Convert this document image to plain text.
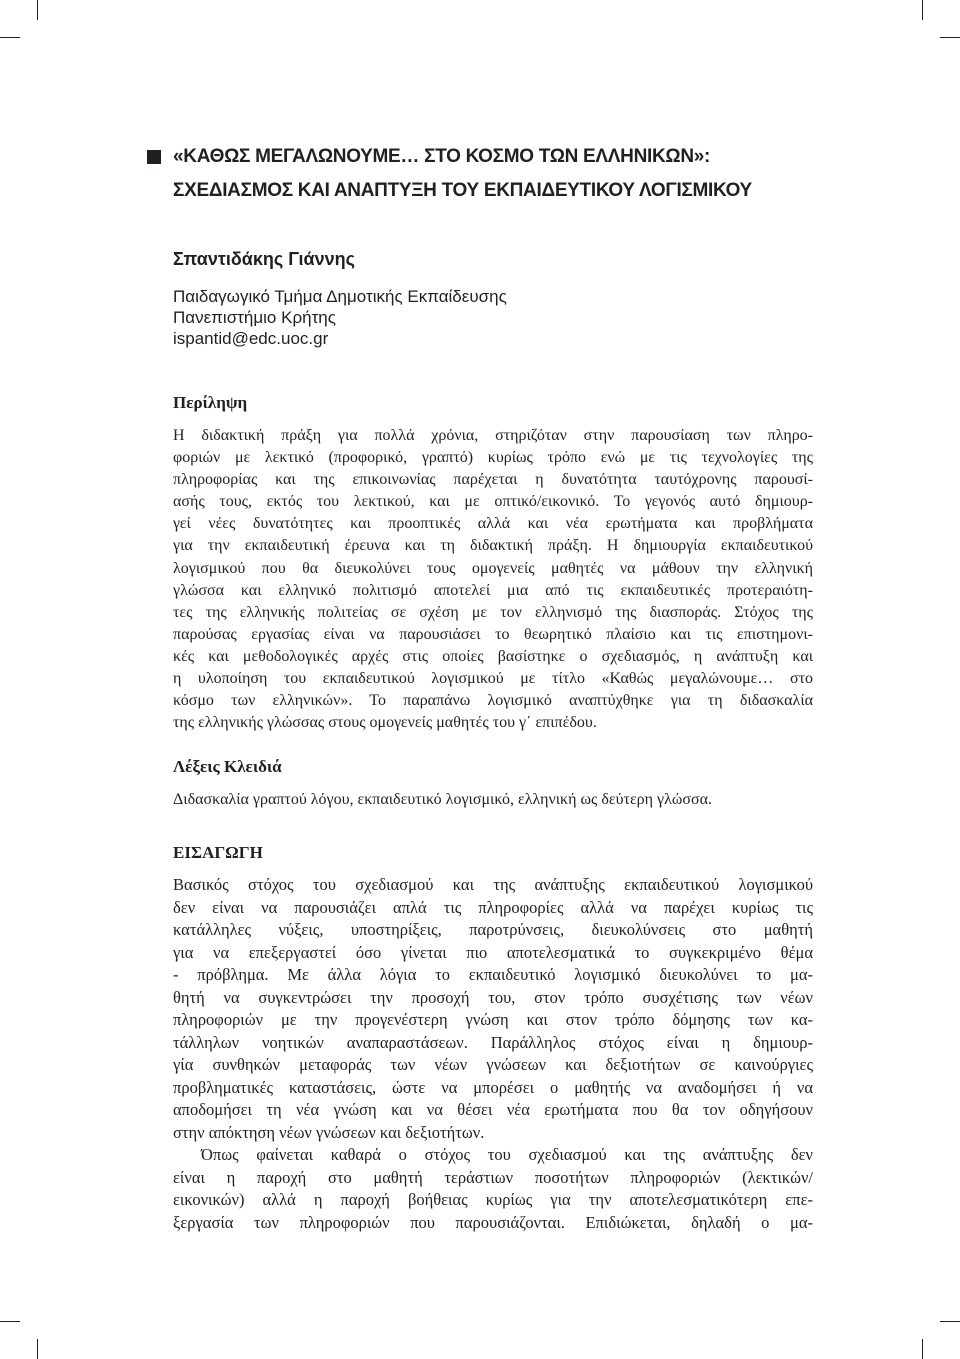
«ΚΑΘΩΣ ΜΕΓΑΛΩΝΟΥΜΕ… ΣΤΟ ΚΟΣΜΟ ΤΩΝ ΕΛΛΗΝΙΚΩΝ»:
ΣΧΕΔΙΑΣΜΟΣ ΚΑΙ ΑΝΑΠΤΥΞΗ ΤΟΥ ΕΚΠΑΙΔΕΥΤΙΚΟΥ ΛΟΓΙΣΜΙΚΟΥ
Σπαντιδάκης Γιάννης
Παιδαγωγικό Τμήμα Δημοτικής Εκπαίδευσης
Πανεπιστήμιο Κρήτης
ispantid@edc.uoc.gr
Περίληψη

Η διδακτική πράξη για πολλά χρόνια, στηριζόταν στην παρουσίαση των πληρο-

φοριών με λεκτικό (προφορικό, γραπτό) κυρίως τρόπο ενώ με τις τεχνολογίες της

πληροφορίας και της επικοινωνίας παρέχεται η δυνατότητα ταυτόχρονης παρουσί-

ασής τους, εκτός του λεκτικού, και με οπτικό/εικονικό. Το γεγονός αυτό δημιουρ-

γεί νέες δυνατότητες και προοπτικές αλλά και νέα ερωτήματα και προβλήματα

για την εκπαιδευτική έρευνα και τη διδακτική πράξη. Η δημιουργία εκπαιδευτικού

λογισμικού που θα διευκολύνει τους ομογενείς μαθητές να μάθουν την ελληνική

γλώσσα και ελληνικό πολιτισμό αποτελεί μια από τις εκπαιδευτικές προτεραιότη-

τες της ελληνικής πολιτείας σε σχέση με τον ελληνισμό της διασποράς. Στόχος της

παρούσας εργασίας είναι να παρουσιάσει το θεωρητικό πλαίσιο και τις επιστημονι-

κές και μεθοδολογικές αρχές στις οποίες βασίστηκε ο σχεδιασμός, η ανάπτυξη και

η υλοποίηση του εκπαιδευτικού λογισμικού με τίτλο «Καθώς μεγαλώνουμε… στο

κόσμο των ελληνικών». Το παραπάνω λογισμικό αναπτύχθηκε για τη διδασκαλία

της ελληνικής γλώσσας στους ομογενείς μαθητές του γ΄ επιπέδου.

Λέξεις Κλειδιά

Διδασκαλία γραπτού λόγου, εκπαιδευτικό λογισμικό, ελληνική ως δεύτερη γλώσσα.

ΕΙΣΑΓΩΓΗ

Βασικός στόχος του σχεδιασμού και της ανάπτυξης εκπαιδευτικού λογισμικού

δεν είναι να παρουσιάζει απλά τις πληροφορίες αλλά να παρέχει κυρίως τις

κατάλληλες νύξεις, υποστηρίξεις, παροτρύνσεις, διευκολύνσεις στο μαθητή

για να επεξεργαστεί όσο γίνεται πιο αποτελεσματικά το συγκεκριμένο θέμα

- πρόβλημα. Με άλλα λόγια το εκπαιδευτικό λογισμικό διευκολύνει το μα-

θητή να συγκεντρώσει την προσοχή του, στον τρόπο συσχέτισης των νέων

πληροφοριών με την προγενέστερη γνώση και στον τρόπο δόμησης των κα-

τάλληλων νοητικών αναπαραστάσεων. Παράλληλος στόχος είναι η δημιουρ-

γία συνθηκών μεταφοράς των νέων γνώσεων και δεξιοτήτων σε καινούργιες

προβληματικές καταστάσεις, ώστε να μπορέσει ο μαθητής να αναδομήσει ή να

αποδομήσει τη νέα γνώση και να θέσει νέα ερωτήματα που θα τον οδηγήσουν

στην απόκτηση νέων γνώσεων και δεξιοτήτων.

Όπως φαίνεται καθαρά ο στόχος του σχεδιασμού και της ανάπτυξης δεν

είναι η παροχή στο μαθητή τεράστιων ποσοτήτων πληροφοριών (λεκτικών/

εικονικών) αλλά η παροχή βοήθειας κυρίως για την αποτελεσματικότερη επε-

ξεργασία των πληροφοριών που παρουσιάζονται. Επιδιώκεται, δηλαδή ο μα-
